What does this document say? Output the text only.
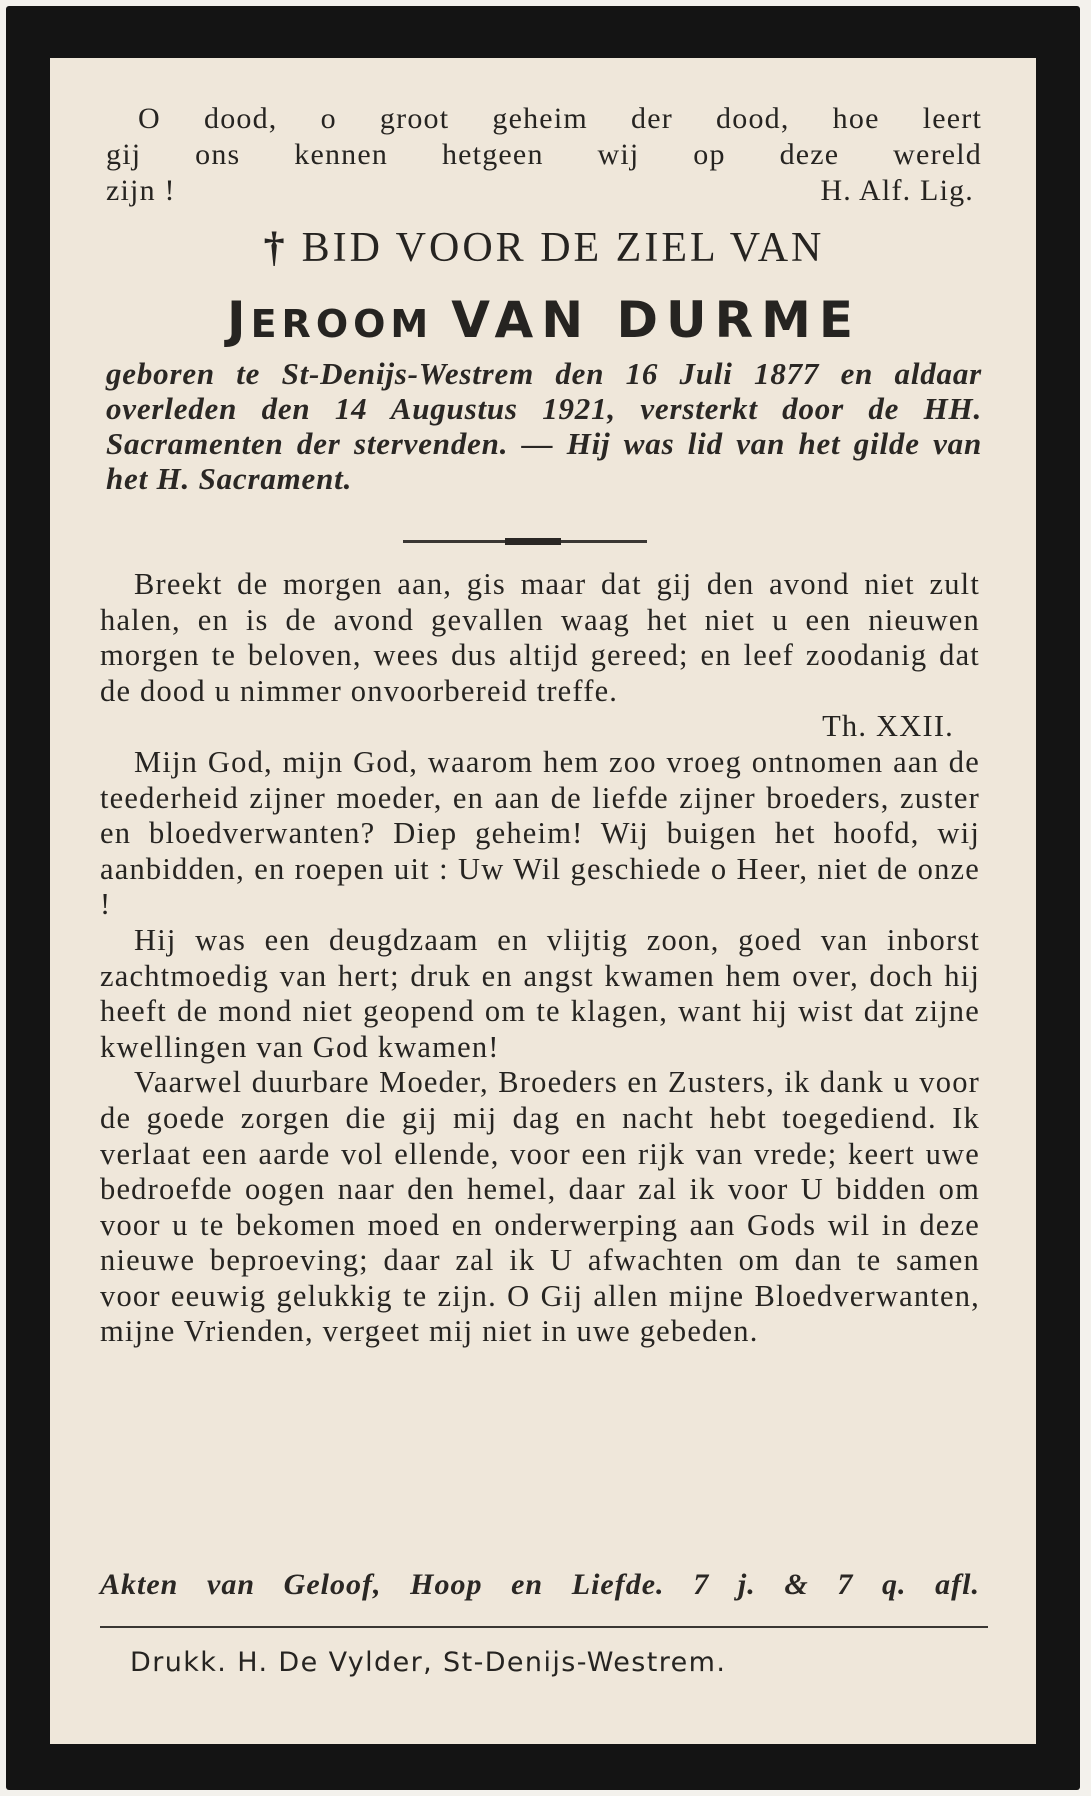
O dood, o groot geheim der dood, hoe leert

gij ons kennen hetgeen wij op deze wereld

zijn !	H. Alf. Lig.

† BID VOOR DE ZIEL VAN
JEROOM VAN DURME
geboren te St-Denijs-Westrem den 16 Juli 1877 en aldaar overleden den 14 Augustus 1921, versterkt door de HH. Sacramenten der stervenden. — Hij was lid van het gilde van het H. Sacrament.

Breekt de morgen aan, gis maar dat gij den avond niet zult halen, en is de avond gevallen waag het niet u een nieuwen morgen te beloven, wees dus altijd gereed; en leef zoodanig dat de dood u nimmer onvoorbereid treffe.

Th. XXII.

Mijn God, mijn God, waarom hem zoo vroeg ontnomen aan de teederheid zijner moeder, en aan de liefde zijner broeders, zuster en bloedverwanten? Diep geheim! Wij buigen het hoofd, wij aanbidden, en roepen uit : Uw Wil geschiede o Heer, niet de onze !

Hij was een deugdzaam en vlijtig zoon, goed van inborst zachtmoedig van hert; druk en angst kwamen hem over, doch hij heeft de mond niet geopend om te klagen, want hij wist dat zijne kwellingen van God kwamen!

Vaarwel duurbare Moeder, Broeders en Zusters, ik dank u voor de goede zorgen die gij mij dag en nacht hebt toegediend. Ik verlaat een aarde vol ellende, voor een rijk van vrede; keert uwe bedroefde oogen naar den hemel, daar zal ik voor U bidden om voor u te bekomen moed en onderwerping aan Gods wil in deze nieuwe beproeving; daar zal ik U afwachten om dan te samen voor eeuwig gelukkig te zijn. O Gij allen mijne Bloedverwanten, mijne Vrienden, vergeet mij niet in uwe gebeden.

Akten van Geloof, Hoop en Liefde. 7 j. & 7 q. afl.
Drukk. H. De Vylder, St-Denijs-Westrem.
